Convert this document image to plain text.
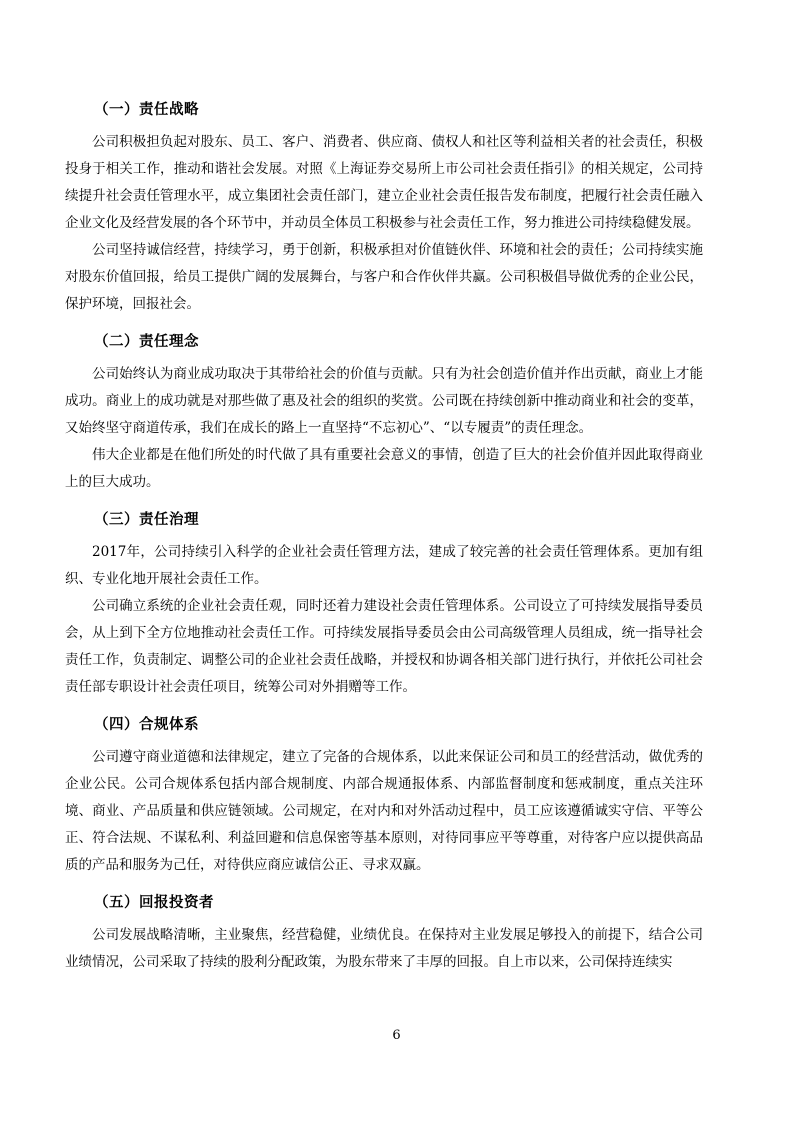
（一）责任战略

公司积极担负起对股东、员工、客户、消费者、供应商、债权人和社区等利益相关者的社会责任，积极投身于相关工作，推动和谐社会发展。对照《上海证券交易所上市公司社会责任指引》的相关规定，公司持续提升社会责任管理水平，成立集团社会责任部门，建立企业社会责任报告发布制度，把履行社会责任融入企业文化及经营发展的各个环节中，并动员全体员工积极参与社会责任工作，努力推进公司持续稳健发展。

公司坚持诚信经营，持续学习，勇于创新，积极承担对价值链伙伴、环境和社会的责任；公司持续实施对股东价值回报，给员工提供广阔的发展舞台，与客户和合作伙伴共赢。公司积极倡导做优秀的企业公民，保护环境，回报社会。

（二）责任理念

公司始终认为商业成功取决于其带给社会的价值与贡献。只有为社会创造价值并作出贡献，商业上才能成功。商业上的成功就是对那些做了惠及社会的组织的奖赏。公司既在持续创新中推动商业和社会的变革，又始终坚守商道传承，我们在成长的路上一直坚持“不忘初心”、“以专履责”的责任理念。

伟大企业都是在他们所处的时代做了具有重要社会意义的事情，创造了巨大的社会价值并因此取得商业上的巨大成功。

（三）责任治理

2017年，公司持续引入科学的企业社会责任管理方法，建成了较完善的社会责任管理体系。更加有组织、专业化地开展社会责任工作。

公司确立系统的企业社会责任观，同时还着力建设社会责任管理体系。公司设立了可持续发展指导委员会，从上到下全方位地推动社会责任工作。可持续发展指导委员会由公司高级管理人员组成，统一指导社会责任工作，负责制定、调整公司的企业社会责任战略，并授权和协调各相关部门进行执行，并依托公司社会责任部专职设计社会责任项目，统筹公司对外捐赠等工作。

（四）合规体系

公司遵守商业道德和法律规定，建立了完备的合规体系，以此来保证公司和员工的经营活动，做优秀的企业公民。公司合规体系包括内部合规制度、内部合规通报体系、内部监督制度和惩戒制度，重点关注环境、商业、产品质量和供应链领域。公司规定，在对内和对外活动过程中，员工应该遵循诚实守信、平等公正、符合法规、不谋私利、利益回避和信息保密等基本原则，对待同事应平等尊重，对待客户应以提供高品质的产品和服务为己任，对待供应商应诚信公正、寻求双赢。

（五）回报投资者

公司发展战略清晰，主业聚焦，经营稳健，业绩优良。在保持对主业发展足够投入的前提下，结合公司业绩情况，公司采取了持续的股利分配政策，为股东带来了丰厚的回报。自上市以来，公司保持连续实

6
